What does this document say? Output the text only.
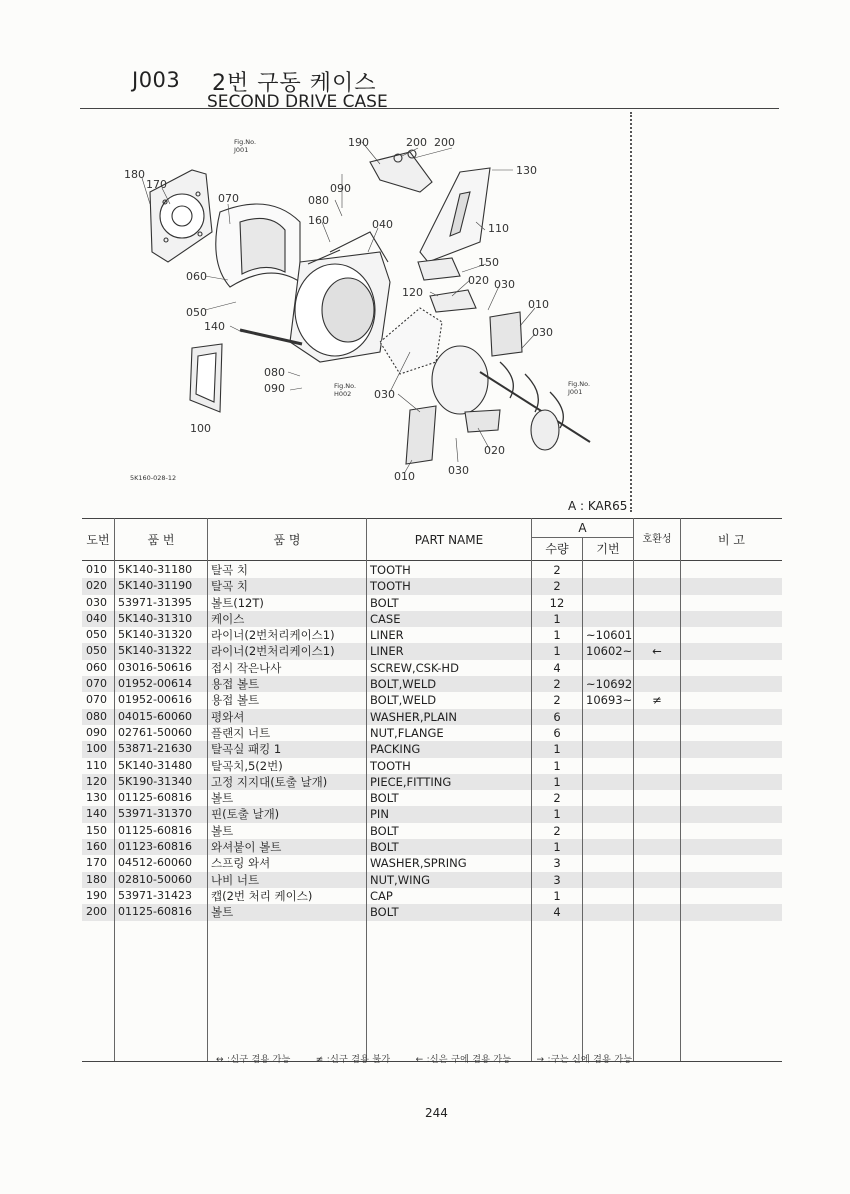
J003 2번 구동 케이스
SECOND DRIVE CASE
180
170
070
060
050
140
190	200 200
130
090
080
160	040	110
150
020 030
120
010
030
080
090	030
100
020
030
010
Fig.No.
J001
Fig.No.
H002
Fig.No.
J001
5K160-028-12
A : KAR65
도번	품 번	품 명	PART NAME	A		호환성	비 고
				수량	기번		
010	5K140-31180	탈곡 치	TOOTH	2			
020	5K140-31190	탈곡 치	TOOTH	2			
030	53971-31395	볼트(12T)	BOLT	12			
040	5K140-31310	케이스	CASE	1			
050	5K140-31320	라이너(2번처리케이스1)	LINER	1	~10601		
050	5K140-31322	라이너(2번처리케이스1)	LINER	1	10602~	←	
060	03016-50616	접시 작은나사	SCREW,CSK-HD	4			
070	01952-00614	용접 볼트	BOLT,WELD	2	~10692		
070	01952-00616	용접 볼트	BOLT,WELD	2	10693~	≠	
080	04015-60060	평와셔	WASHER,PLAIN	6			
090	02761-50060	플랜지 너트	NUT,FLANGE	6			
100	53871-21630	탈곡실 패킹 1	PACKING	1			
110	5K140-31480	탈곡치,5(2번)	TOOTH	1			
120	5K190-31340	고정 지지대(토출 날개)	PIECE,FITTING	1			
130	01125-60816	볼트	BOLT	2			
140	53971-31370	핀(토출 날개)	PIN	1			
150	01125-60816	볼트	BOLT	2			
160	01123-60816	와셔붙이 볼트	BOLT	1			
170	04512-60060	스프링 와셔	WASHER,SPRING	3			
180	02810-50060	나비 너트	NUT,WING	3			
190	53971-31423	캡(2번 처리 케이스)	CAP	1			
200	01125-60816	볼트	BOLT	4			

↔ :신구 겸용 가능	≠ :신구 겸용 불가	← :신은 구에 겸용 가능	→ :구는 신에 겸용 가능
244
